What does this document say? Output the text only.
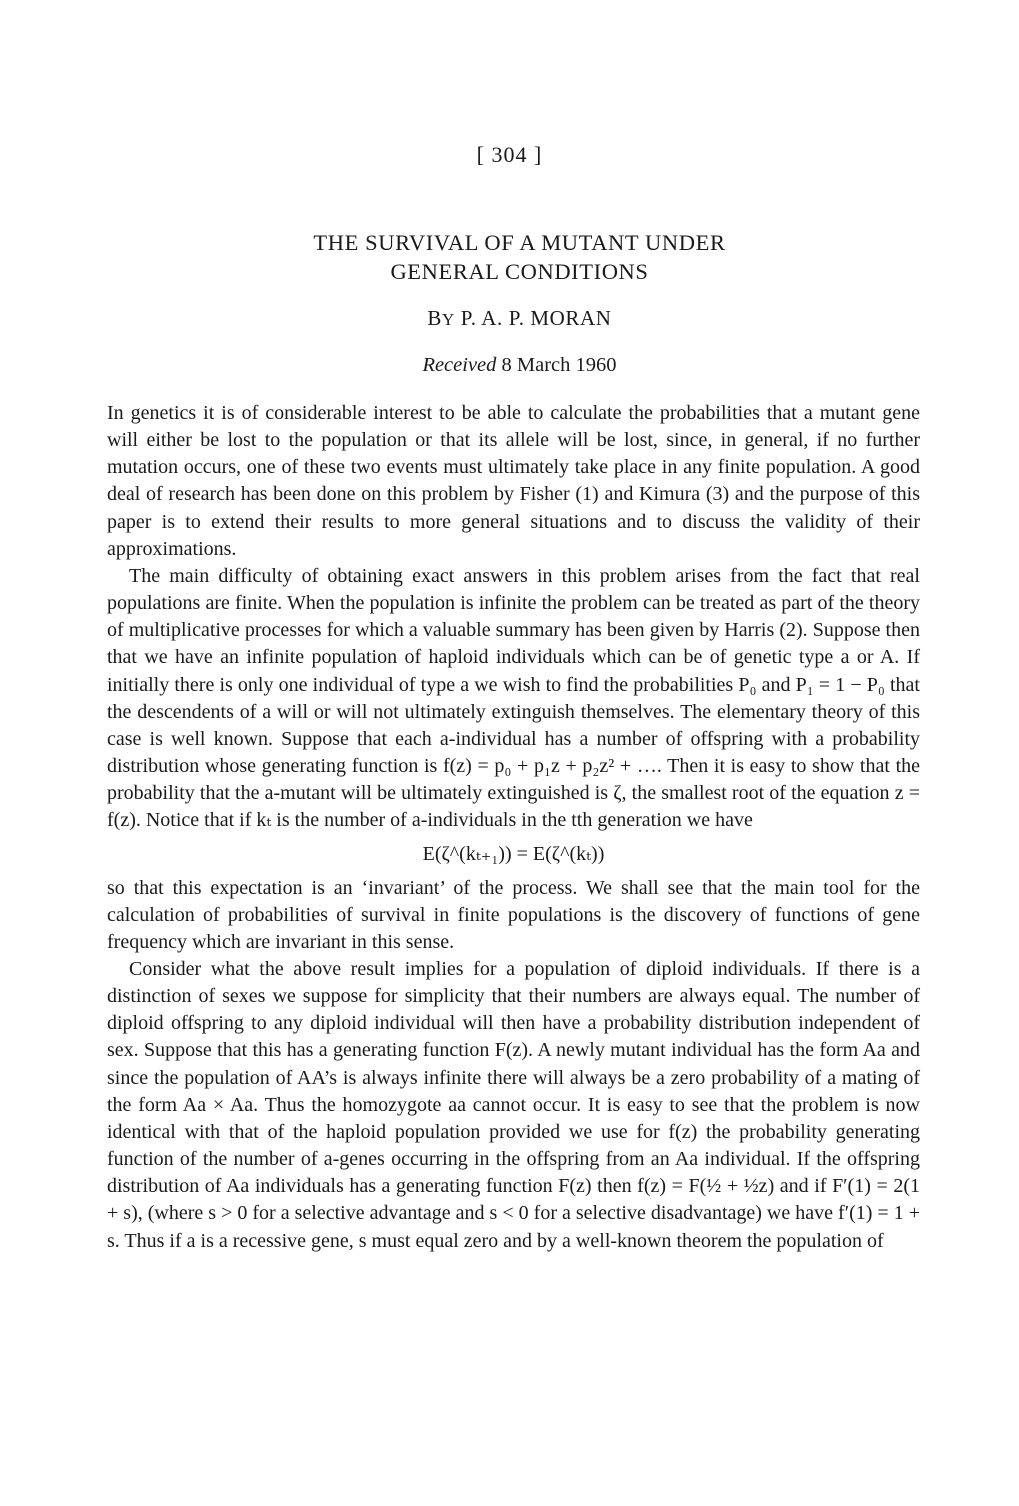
[ 304 ]
THE SURVIVAL OF A MUTANT UNDER
GENERAL CONDITIONS
BY P. A. P. MORAN
Received 8 March 1960

In genetics it is of considerable interest to be able to calculate the probabilities that a mutant gene will either be lost to the population or that its allele will be lost, since, in general, if no further mutation occurs, one of these two events must ultimately take place in any finite population. A good deal of research has been done on this problem by Fisher (1) and Kimura (3) and the purpose of this paper is to extend their results to more general situations and to discuss the validity of their approximations.

The main difficulty of obtaining exact answers in this problem arises from the fact that real populations are finite. When the population is infinite the problem can be treated as part of the theory of multiplicative processes for which a valuable summary has been given by Harris (2). Suppose then that we have an infinite population of haploid individuals which can be of genetic type a or A. If initially there is only one individual of type a we wish to find the probabilities P₀ and P₁ = 1 − P₀ that the descendents of a will or will not ultimately extinguish themselves. The elementary theory of this case is well known. Suppose that each a-individual has a number of offspring with a probability distribution whose generating function is f(z) = p₀ + p₁z + p₂z² + …. Then it is easy to show that the probability that the a-mutant will be ultimately extinguished is ζ, the smallest root of the equation z = f(z). Notice that if kₜ is the number of a-individuals in the tth generation we have

E(ζ^(kₜ₊₁)) = E(ζ^(kₜ))

so that this expectation is an ‘invariant’ of the process. We shall see that the main tool for the calculation of probabilities of survival in finite populations is the discovery of functions of gene frequency which are invariant in this sense.

Consider what the above result implies for a population of diploid individuals. If there is a distinction of sexes we suppose for simplicity that their numbers are always equal. The number of diploid offspring to any diploid individual will then have a probability distribution independent of sex. Suppose that this has a generating function F(z). A newly mutant individual has the form Aa and since the population of AA’s is always infinite there will always be a zero probability of a mating of the form Aa × Aa. Thus the homozygote aa cannot occur. It is easy to see that the problem is now identical with that of the haploid population provided we use for f(z) the probability generating function of the number of a-genes occurring in the offspring from an Aa individual. If the offspring distribution of Aa individuals has a generating function F(z) then f(z) = F(½ + ½z) and if F′(1) = 2(1 + s), (where s > 0 for a selective advantage and s < 0 for a selective disadvantage) we have f′(1) = 1 + s. Thus if a is a recessive gene, s must equal zero and by a well-known theorem the population of
